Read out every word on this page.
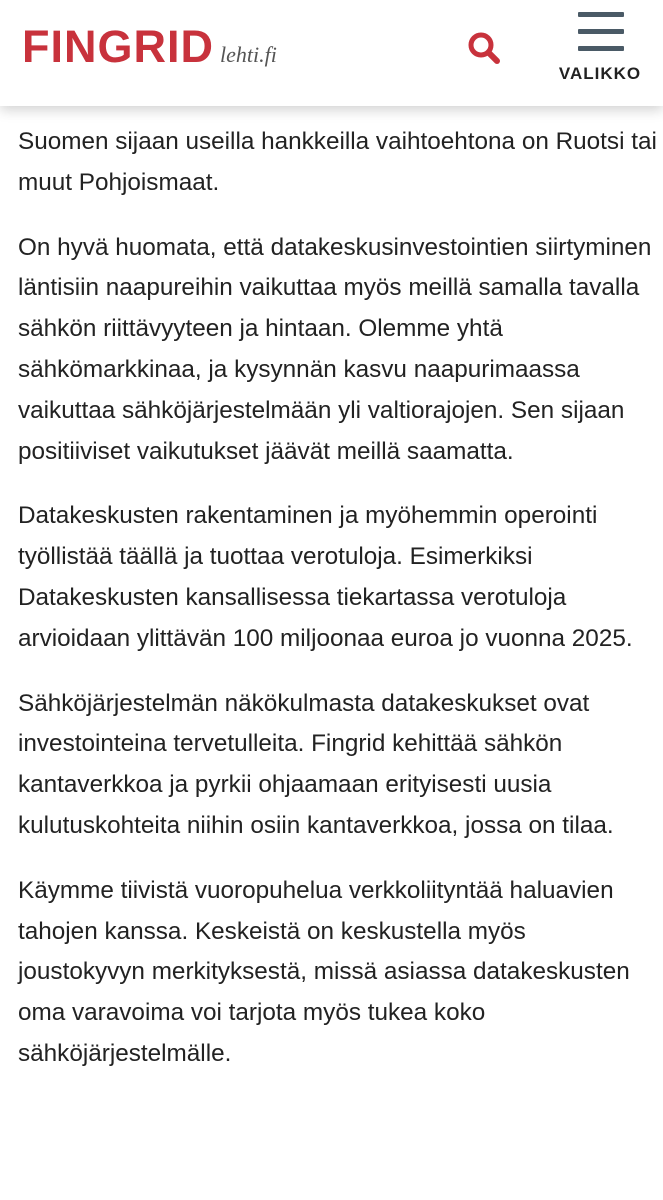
FINGRID lehti.fi
VALIKKO

Suomen sijaan useilla hankkeilla vaihtoehtona on Ruotsi tai muut Pohjoismaat.

On hyvä huomata, että datakeskusinvestointien siirtyminen läntisiin naapureihin vaikuttaa myös meillä samalla tavalla sähkön riittävyyteen ja hintaan. Olemme yhtä sähkömarkkinaa, ja kysynnän kasvu naapurimaassa vaikuttaa sähköjärjestelmään yli valtiorajojen. Sen sijaan positiiviset vaikutukset jäävät meillä saamatta.

Datakeskusten rakentaminen ja myöhemmin operointi työllistää täällä ja tuottaa verotuloja. Esimerkiksi Datakeskusten kansallisessa tiekartassa verotuloja arvioidaan ylittävän 100 miljoonaa euroa jo vuonna 2025.

Sähköjärjestelmän näkökulmasta datakeskukset ovat investointeina tervetulleita. Fingrid kehittää sähkön kantaverkkoa ja pyrkii ohjaamaan erityisesti uusia kulutuskohteita niihin osiin kantaverkkoa, jossa on tilaa.

Käymme tiivistä vuoropuhelua verkkoliityntää haluavien tahojen kanssa. Keskeistä on keskustella myös joustokyvyn merkityksestä, missä asiassa datakeskusten oma varavoima voi tarjota myös tukea koko sähköjärjestelmälle.
